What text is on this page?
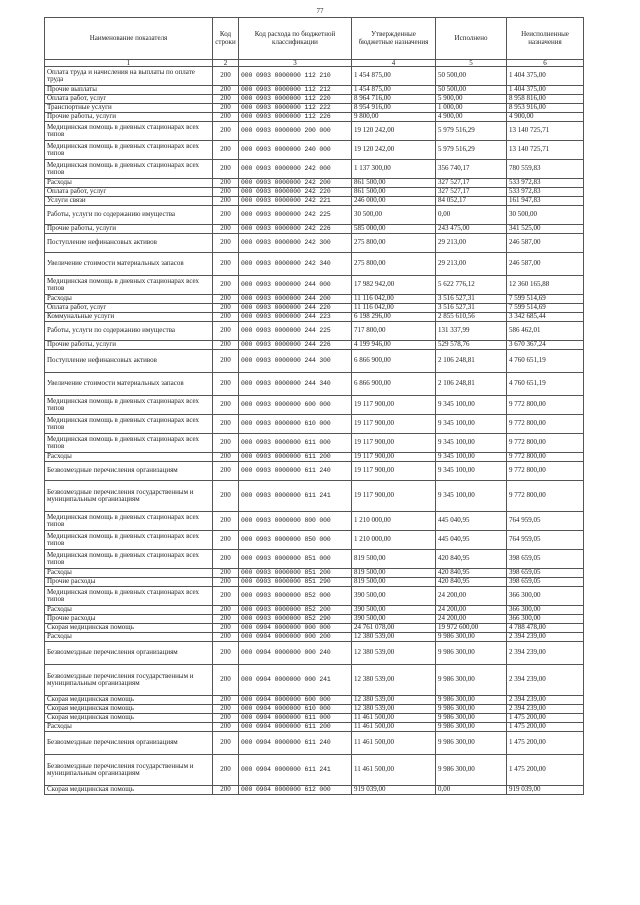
77
Наименование показателя	Код строки	Код расхода по бюджетной классификации	Утвержденные бюджетные назначения	Исполнено	Неисполненные назначения
1	2	3	4	5	6
Оплата труда и начисления на выплаты по оплате труда	200	000 0903 0000000 112 210	1 454 875,00	50 500,00	1 404 375,00
Прочие выплаты	200	000 0903 0000000 112 212	1 454 875,00	50 500,00	1 404 375,00
Оплата работ, услуг	200	000 0903 0000000 112 220	8 964 716,00	5 900,00	8 958 816,00
Транспортные услуги	200	000 0903 0000000 112 222	8 954 916,00	1 000,00	8 953 916,00
Прочие работы, услуги	200	000 0903 0000000 112 226	9 800,00	4 900,00	4 900,00
Медицинская помощь в дневных стационарах всех типов	200	000 0903 0000000 200 000	19 120 242,00	5 979 516,29	13 140 725,71
Медицинская помощь в дневных стационарах всех типов	200	000 0903 0000000 240 000	19 120 242,00	5 979 516,29	13 140 725,71
Медицинская помощь в дневных стационарах всех типов	200	000 0903 0000000 242 000	1 137 300,00	356 740,17	780 559,83
Расходы	200	000 0903 0000000 242 200	861 500,00	327 527,17	533 972,83
Оплата работ, услуг	200	000 0903 0000000 242 220	861 500,00	327 527,17	533 972,83
Услуги связи	200	000 0903 0000000 242 221	246 000,00	84 052,17	161 947,83
Работы, услуги по содержанию имущества	200	000 0903 0000000 242 225	30 500,00	0,00	30 500,00
Прочие работы, услуги	200	000 0903 0000000 242 226	585 000,00	243 475,00	341 525,00
Поступление нефинансовых активов	200	000 0903 0000000 242 300	275 800,00	29 213,00	246 587,00
Увеличение стоимости материальных запасов	200	000 0903 0000000 242 340	275 800,00	29 213,00	246 587,00
Медицинская помощь в дневных стационарах всех типов	200	000 0903 0000000 244 000	17 982 942,00	5 622 776,12	12 360 165,88
Расходы	200	000 0903 0000000 244 200	11 116 042,00	3 516 527,31	7 599 514,69
Оплата работ, услуг	200	000 0903 0000000 244 220	11 116 042,00	3 516 527,31	7 599 514,69
Коммунальные услуги	200	000 0903 0000000 244 223	6 198 296,00	2 855 610,56	3 342 685,44
Работы, услуги по содержанию имущества	200	000 0903 0000000 244 225	717 800,00	131 337,99	586 462,01
Прочие работы, услуги	200	000 0903 0000000 244 226	4 199 946,00	529 578,76	3 670 367,24
Поступление нефинансовых активов	200	000 0903 0000000 244 300	6 866 900,00	2 106 248,81	4 760 651,19
Увеличение стоимости материальных запасов	200	000 0903 0000000 244 340	6 866 900,00	2 106 248,81	4 760 651,19
Медицинская помощь в дневных стационарах всех типов	200	000 0903 0000000 600 000	19 117 900,00	9 345 100,00	9 772 800,00
Медицинская помощь в дневных стационарах всех типов	200	000 0903 0000000 610 000	19 117 900,00	9 345 100,00	9 772 800,00
Медицинская помощь в дневных стационарах всех типов	200	000 0903 0000000 611 000	19 117 900,00	9 345 100,00	9 772 800,00
Расходы	200	000 0903 0000000 611 200	19 117 900,00	9 345 100,00	9 772 800,00
Безвозмездные перечисления организациям	200	000 0903 0000000 611 240	19 117 900,00	9 345 100,00	9 772 800,00
Безвозмездные перечисления государственным и муниципальным организациям	200	000 0903 0000000 611 241	19 117 900,00	9 345 100,00	9 772 800,00
Медицинская помощь в дневных стационарах всех типов	200	000 0903 0000000 800 000	1 210 000,00	445 040,95	764 959,05
Медицинская помощь в дневных стационарах всех типов	200	000 0903 0000000 850 000	1 210 000,00	445 040,95	764 959,05
Медицинская помощь в дневных стационарах всех типов	200	000 0903 0000000 851 000	819 500,00	420 840,95	398 659,05
Расходы	200	000 0903 0000000 851 200	819 500,00	420 840,95	398 659,05
Прочие расходы	200	000 0903 0000000 851 290	819 500,00	420 840,95	398 659,05
Медицинская помощь в дневных стационарах всех типов	200	000 0903 0000000 852 000	390 500,00	24 200,00	366 300,00
Расходы	200	000 0903 0000000 852 200	390 500,00	24 200,00	366 300,00
Прочие расходы	200	000 0903 0000000 852 290	390 500,00	24 200,00	366 300,00
Скорая медицинская помощь	200	000 0904 0000000 000 000	24 761 078,00	19 972 600,00	4 788 478,00
Расходы	200	000 0904 0000000 000 200	12 380 539,00	9 986 300,00	2 394 239,00
Безвозмездные перечисления организациям	200	000 0904 0000000 000 240	12 380 539,00	9 986 300,00	2 394 239,00
Безвозмездные перечисления государственным и муниципальным организациям	200	000 0904 0000000 000 241	12 380 539,00	9 986 300,00	2 394 239,00
Скорая медицинская помощь	200	000 0904 0000000 600 000	12 380 539,00	9 986 300,00	2 394 239,00
Скорая медицинская помощь	200	000 0904 0000000 610 000	12 380 539,00	9 986 300,00	2 394 239,00
Скорая медицинская помощь	200	000 0904 0000000 611 000	11 461 500,00	9 986 300,00	1 475 200,00
Расходы	200	000 0904 0000000 611 200	11 461 500,00	9 986 300,00	1 475 200,00
Безвозмездные перечисления организациям	200	000 0904 0000000 611 240	11 461 500,00	9 986 300,00	1 475 200,00
Безвозмездные перечисления государственным и муниципальным организациям	200	000 0904 0000000 611 241	11 461 500,00	9 986 300,00	1 475 200,00
Скорая медицинская помощь	200	000 0904 0000000 612 000	919 039,00	0,00	919 039,00
